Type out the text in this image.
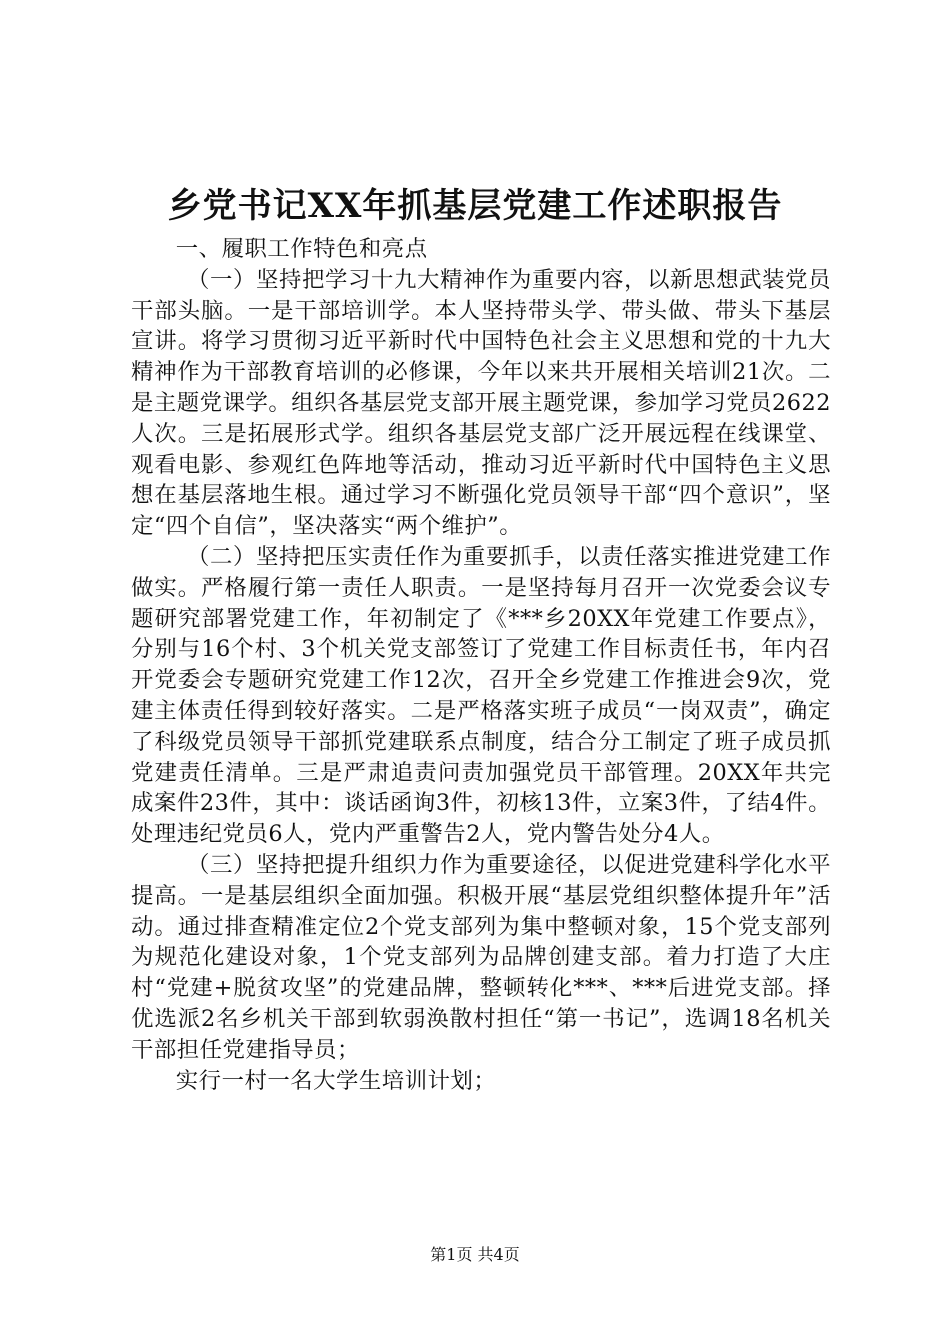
乡党书记XX年抓基层党建工作述职报告

一、履职工作特色和亮点

（一）坚持把学习十九大精神作为重要内容，以新思想武装党员干部头脑。一是干部培训学。本人坚持带头学、带头做、带头下基层宣讲。将学习贯彻习近平新时代中国特色社会主义思想和党的十九大精神作为干部教育培训的必修课，今年以来共开展相关培训21次。二是主题党课学。组织各基层党支部开展主题党课，参加学习党员2622人次。三是拓展形式学。组织各基层党支部广泛开展远程在线课堂、观看电影、参观红色阵地等活动，推动习近平新时代中国特色主义思想在基层落地生根。通过学习不断强化党员领导干部“四个意识”，坚定“四个自信”，坚决落实“两个维护”。

（二）坚持把压实责任作为重要抓手，以责任落实推进党建工作做实。严格履行第一责任人职责。一是坚持每月召开一次党委会议专题研究部署党建工作，年初制定了《***乡20XX年党建工作要点》，分别与16个村、3个机关党支部签订了党建工作目标责任书，年内召开党委会专题研究党建工作12次，召开全乡党建工作推进会9次，党建主体责任得到较好落实。二是严格落实班子成员“一岗双责”，确定了科级党员领导干部抓党建联系点制度，结合分工制定了班子成员抓党建责任清单。三是严肃追责问责加强党员干部管理。20XX年共完成案件23件，其中：谈话函询3件，初核13件，立案3件，了结4件。处理违纪党员6人，党内严重警告2人，党内警告处分4人。

（三）坚持把提升组织力作为重要途径，以促进党建科学化水平提高。一是基层组织全面加强。积极开展“基层党组织整体提升年”活动。通过排查精准定位2个党支部列为集中整顿对象，15个党支部列为规范化建设对象，1个党支部列为品牌创建支部。着力打造了大庄村“党建+脱贫攻坚”的党建品牌，整顿转化***、***后进党支部。择优选派2名乡机关干部到软弱涣散村担任“第一书记”，选调18名机关干部担任党建指导员；

实行一村一名大学生培训计划；

第1页 共4页
